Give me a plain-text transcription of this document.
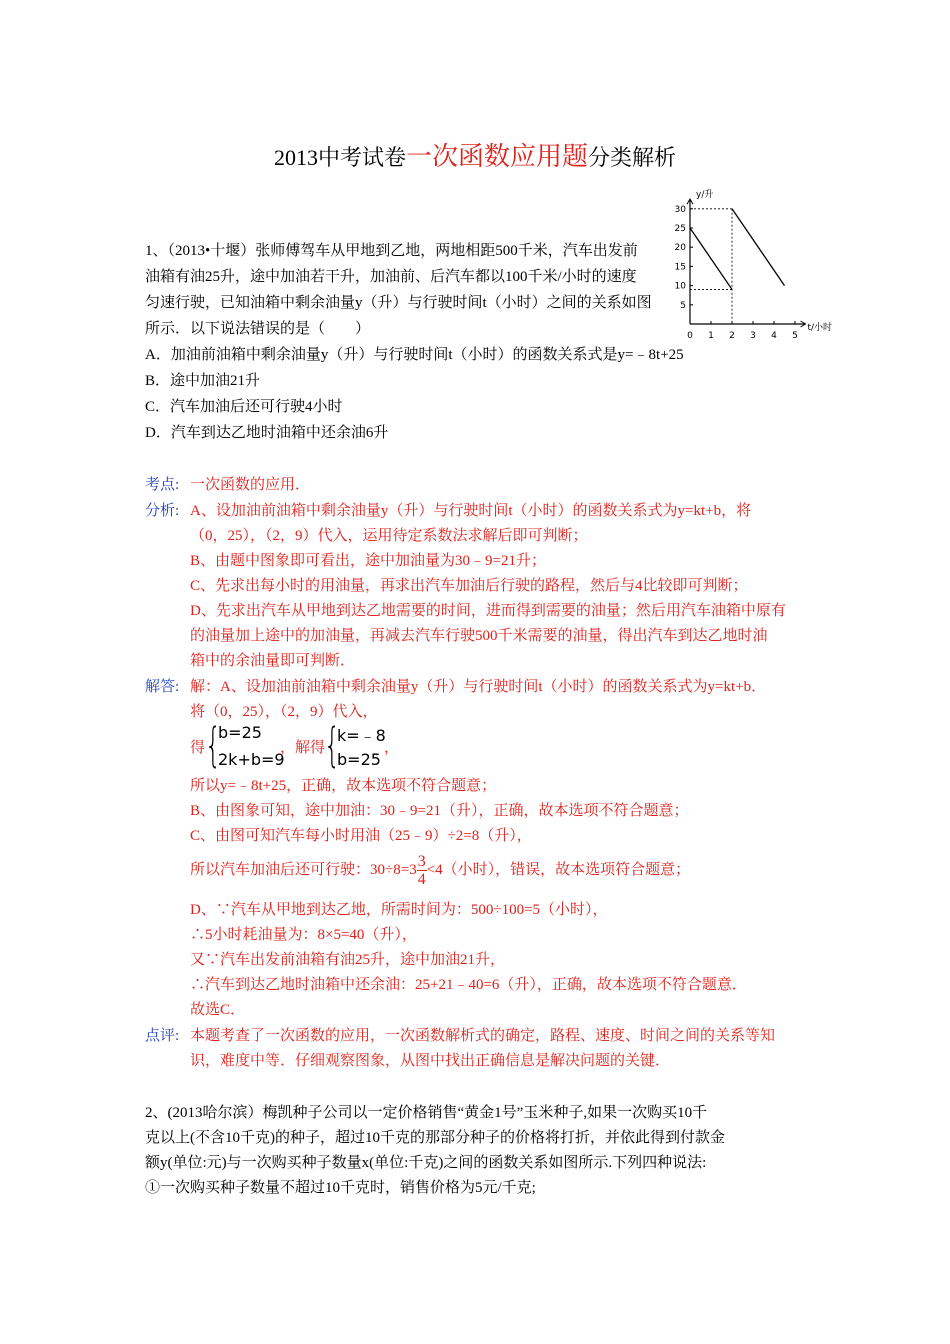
2013中考试卷一次函数应用题分类解析
0 1 2 3 4 5
5
10
15
20
25
30
t/小时
y/升
1、（2013•十堰）张师傅驾车从甲地到乙地，两地相距500千米，汽车出发前
油箱有油25升，途中加油若干升，加油前、后汽车都以100千米/小时的速度
匀速行驶，已知油箱中剩余油量y（升）与行驶时间t（小时）之间的关系如图
所示．以下说法错误的是（　　）
A．加油前油箱中剩余油量y（升）与行驶时间t（小时）的函数关系式是y=﹣8t+25
B．途中加油21升
C．汽车加油后还可行驶4小时
D．汽车到达乙地时油箱中还余油6升
考点: 一次函数的应用．
分析: A、设加油前油箱中剩余油量y（升）与行驶时间t（小时）的函数关系式为y=kt+b，将
（0，25），（2，9）代入，运用待定系数法求解后即可判断；
B、由题中图象即可看出，途中加油量为30﹣9=21升；
C、先求出每小时的用油量，再求出汽车加油后行驶的路程，然后与4比较即可判断；
D、先求出汽车从甲地到达乙地需要的时间，进而得到需要的油量；然后用汽车油箱中原有
的油量加上途中的加油量，再减去汽车行驶500千米需要的油量，得出汽车到达乙地时油
箱中的余油量即可判断．
解答: 解：A、设加油前油箱中剩余油量y（升）与行驶时间t（小时）的函数关系式为y=kt+b．
将（0，25），（2，9）代入，
得 {
b=25
2k+b=9
，解得
{
k=﹣8
b=25
，
所以y=﹣8t+25，正确，故本选项不符合题意；
B、由图象可知，途中加油：30﹣9=21（升），正确，故本选项不符合题意；
C、由图可知汽车每小时用油（25﹣9）÷2=8（升），
所以汽车加油后还可行驶：$30\div 8=3 \frac{3}{4} <4$（小时），错误，故本选项符合题意；
D、∵汽车从甲地到达乙地，所需时间为：500÷100=5（小时），
∴5小时耗油量为：8×5=40（升），
又∵汽车出发前油箱有油25升，途中加油21升，
∴汽车到达乙地时油箱中还余油：25+21﹣40=6（升），正确，故本选项不符合题意．
故选C．
点评: 本题考查了一次函数的应用，一次函数解析式的确定，路程、速度、时间之间的关系等知
识，难度中等．仔细观察图象，从图中找出正确信息是解决问题的关键．
2、(2013哈尔滨）梅凯种子公司以一定价格销售“黄金1号”玉米种子,如果一次购买10千
克以上(不含10千克)的种子，超过10千克的那部分种子的价格将打折，并依此得到付款金
额y(单位:元)与一次购买种子数量x(单位:千克)之间的函数关系如图所示.下列四种说法:
①一次购买种子数量不超过10千克时，销售价格为5元/千克;
